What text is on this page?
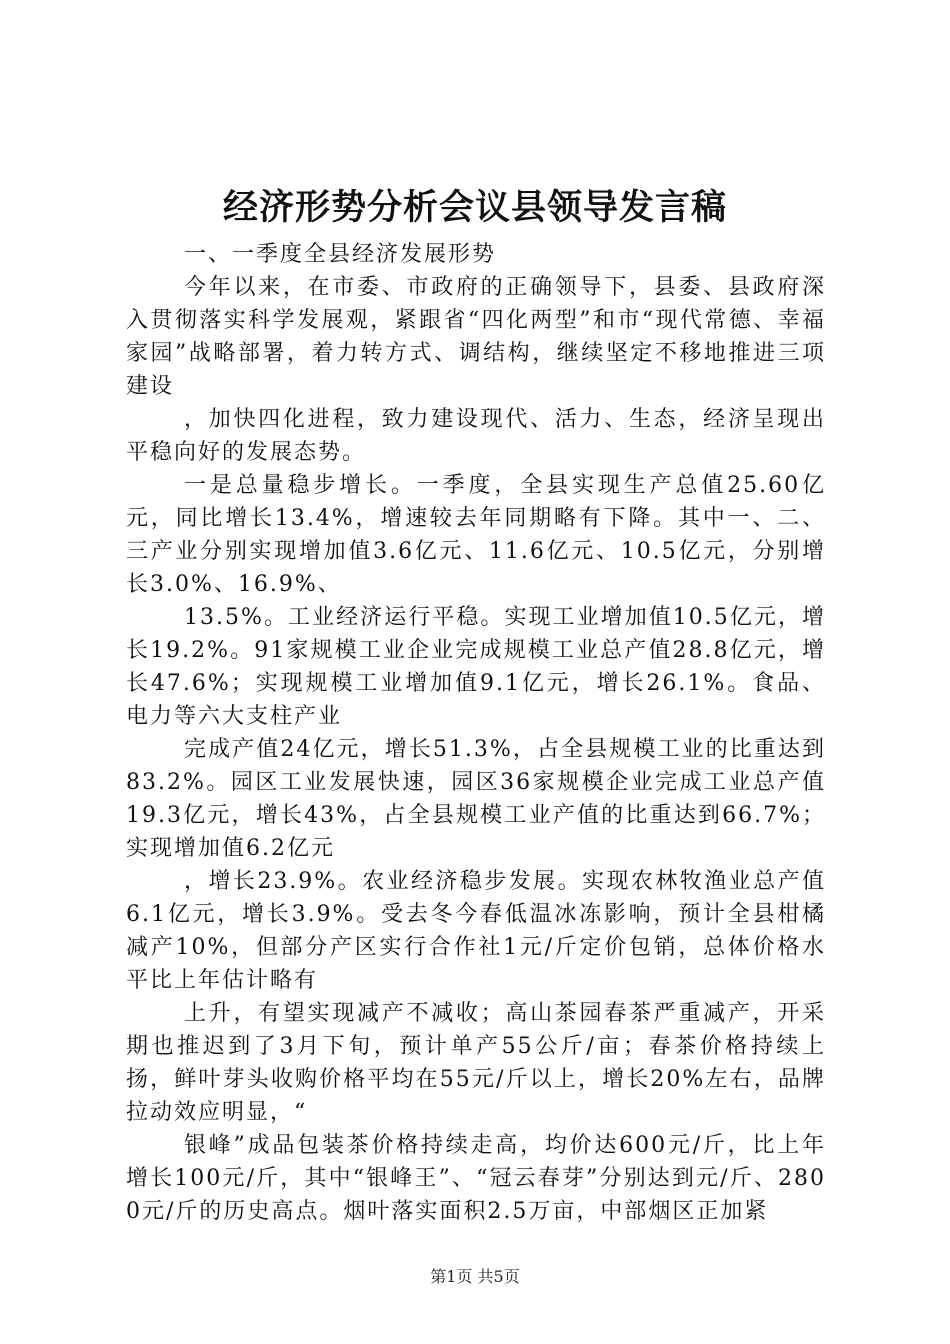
经济形势分析会议县领导发言稿

一、一季度全县经济发展形势

今年以来，在市委、市政府的正确领导下，县委、县政府深入贯彻落实科学发展观，紧跟省“四化两型”和市“现代常德、幸福家园”战略部署，着力转方式、调结构，继续坚定不移地推进三项建设

，加快四化进程，致力建设现代、活力、生态，经济呈现出平稳向好的发展态势。

一是总量稳步增长。一季度，全县实现生产总值25.60亿元，同比增长13.4%，增速较去年同期略有下降。其中一、二、三产业分别实现增加值3.6亿元、11.6亿元、10.5亿元，分别增长3.0%、16.9%、

13.5%。工业经济运行平稳。实现工业增加值10.5亿元，增长19.2%。91家规模工业企业完成规模工业总产值28.8亿元，增长47.6%；实现规模工业增加值9.1亿元，增长26.1%。食品、电力等六大支柱产业

完成产值24亿元，增长51.3%，占全县规模工业的比重达到83.2%。园区工业发展快速，园区36家规模企业完成工业总产值19.3亿元，增长43%，占全县规模工业产值的比重达到66.7%；实现增加值6.2亿元

，增长23.9%。农业经济稳步发展。实现农林牧渔业总产值6.1亿元，增长3.9%。受去冬今春低温冰冻影响，预计全县柑橘减产10%，但部分产区实行合作社1元/斤定价包销，总体价格水平比上年估计略有

上升，有望实现减产不减收；高山茶园春茶严重减产，开采期也推迟到了3月下旬，预计单产55公斤/亩；春茶价格持续上扬，鲜叶芽头收购价格平均在55元/斤以上，增长20%左右，品牌拉动效应明显，“

银峰”成品包装茶价格持续走高，均价达600元/斤，比上年增长100元/斤，其中“银峰王”、“冠云春芽”分别达到元/斤、2800元/斤的历史高点。烟叶落实面积2.5万亩，中部烟区正加紧

第1页 共5页
